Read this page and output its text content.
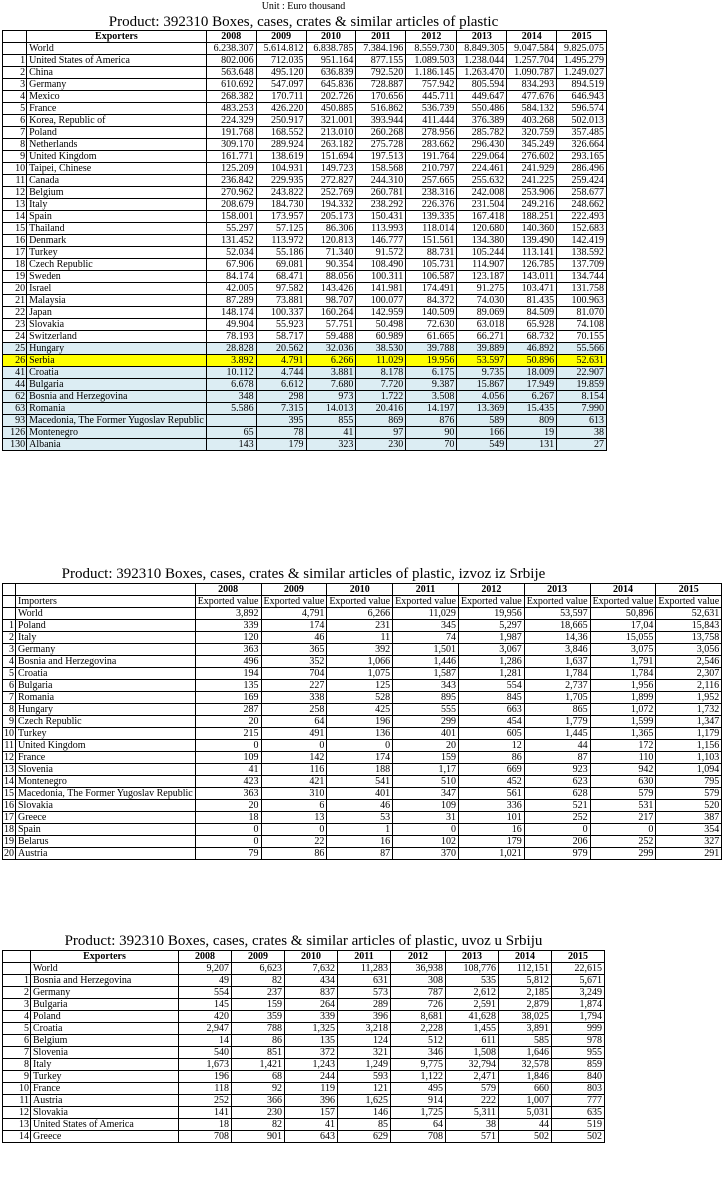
Unit : Euro thousand
Product: 392310 Boxes, cases, crates & similar articles of plastic
	Exporters	2008	2009	2010	2011	2012	2013	2014	2015
	World	6.238.307	5.614.812	6.838.785	7.384.196	8.559.730	8.849.305	9.047.584	9.825.075
1	United States of America	802.006	712.035	951.164	877.155	1.089.503	1.238.044	1.257.704	1.495.279
2	China	563.648	495.120	636.839	792.520	1.186.145	1.263.470	1.090.787	1.249.027
3	Germany	610.692	547.097	645.836	728.887	757.942	805.594	834.293	894.519
4	Mexico	268.382	170.711	202.726	170.656	445.711	449.647	477.676	646.943
5	France	483.253	426.220	450.885	516.862	536.739	550.486	584.132	596.574
6	Korea, Republic of	224.329	250.917	321.001	393.944	411.444	376.389	403.268	502.013
7	Poland	191.768	168.552	213.010	260.268	278.956	285.782	320.759	357.485
8	Netherlands	309.170	289.924	263.182	275.728	283.662	296.430	345.249	326.664
9	United Kingdom	161.771	138.619	151.694	197.513	191.764	229.064	276.602	293.165
10	Taipei, Chinese	125.209	104.931	149.723	158.568	210.797	224.461	241.929	286.496
11	Canada	236.842	229.935	272.827	244.310	257.665	255.632	241.225	259.424
12	Belgium	270.962	243.822	252.769	260.781	238.316	242.008	253.906	258.677
13	Italy	208.679	184.730	194.332	238.292	226.376	231.504	249.216	248.662
14	Spain	158.001	173.957	205.173	150.431	139.335	167.418	188.251	222.493
15	Thailand	55.297	57.125	86.306	113.993	118.014	120.680	140.360	152.683
16	Denmark	131.452	113.972	120.813	146.777	151.561	134.380	139.490	142.419
17	Turkey	52.034	55.186	71.340	91.572	88.731	105.244	113.141	138.592
18	Czech Republic	67.906	69.081	90.354	108.490	105.731	114.907	126.785	137.709
19	Sweden	84.174	68.471	88.056	100.311	106.587	123.187	143.011	134.744
20	Israel	42.005	97.582	143.426	141.981	174.491	91.275	103.471	131.758
21	Malaysia	87.289	73.881	98.707	100.077	84.372	74.030	81.435	100.963
22	Japan	148.174	100.337	160.264	142.959	140.509	89.069	84.509	81.070
23	Slovakia	49.904	55.923	57.751	50.498	72.630	63.018	65.928	74.108
24	Switzerland	78.193	58.717	59.488	60.989	61.665	66.271	68.732	70.155
25	Hungary	28.828	20.562	32.036	38.530	39.788	39.889	46.892	55.566
26	Serbia	3.892	4.791	6.266	11.029	19.956	53.597	50.896	52.631
41	Croatia	10.112	4.744	3.881	8.178	6.175	9.735	18.009	22.907
44	Bulgaria	6.678	6.612	7.680	7.720	9.387	15.867	17.949	19.859
62	Bosnia and Herzegovina	348	298	973	1.722	3.508	4.056	6.267	8.154
63	Romania	5.586	7.315	14.013	20.416	14.197	13.369	15.435	7.990
93	Macedonia, The Former Yugoslav Republic		395	855	869	876	589	809	613
126	Montenegro	65	78	41	97	90	166	19	38
130	Albania	143	179	323	230	70	549	131	27
Product: 392310 Boxes, cases, crates & similar articles of plastic, izvoz iz Srbije
		2008	2009	2010	2011	2012	2013	2014	2015
	Importers	Exported value	Exported value	Exported value	Exported value	Exported value	Exported value	Exported value	Exported value
	World	3,892	4,791	6,266	11,029	19,956	53,597	50,896	52,631
1	Poland	339	174	231	345	5,297	18,665	17,04	15,843
2	Italy	120	46	11	74	1,987	14,36	15,055	13,758
3	Germany	363	365	392	1,501	3,067	3,846	3,075	3,056
4	Bosnia and Herzegovina	496	352	1,066	1,446	1,286	1,637	1,791	2,546
5	Croatia	194	704	1,075	1,587	1,281	1,784	1,784	2,307
6	Bulgaria	135	227	125	343	554	2,737	1,956	2,116
7	Romania	169	338	528	895	845	1,705	1,899	1,952
8	Hungary	287	258	425	555	663	865	1,072	1,732
9	Czech Republic	20	64	196	299	454	1,779	1,599	1,347
10	Turkey	215	491	136	401	605	1,445	1,365	1,179
11	United Kingdom	0	0	0	20	12	44	172	1,156
12	France	109	142	174	159	86	87	110	1,103
13	Slovenia	41	116	188	1,17	669	923	942	1,094
14	Montenegro	423	421	541	510	452	623	630	795
15	Macedonia, The Former Yugoslav Republic	363	310	401	347	561	628	579	579
16	Slovakia	20	6	46	109	336	521	531	520
17	Greece	18	13	53	31	101	252	217	387
18	Spain	0	0	1	0	16	0	0	354
19	Belarus	0	22	16	102	179	206	252	327
20	Austria	79	86	87	370	1,021	979	299	291
Product: 392310 Boxes, cases, crates & similar articles of plastic, uvoz u Srbiju
	Exporters	2008	2009	2010	2011	2012	2013	2014	2015
	World	9,207	6,623	7,632	11,283	36,938	108,776	112,151	22,615
1	Bosnia and Herzegovina	49	82	434	631	308	535	5,812	5,671
2	Germany	554	237	837	573	787	2,612	2,185	3,249
3	Bulgaria	145	159	264	289	726	2,591	2,879	1,874
4	Poland	420	359	339	396	8,681	41,628	38,025	1,794
5	Croatia	2,947	788	1,325	3,218	2,228	1,455	3,891	999
6	Belgium	14	86	135	124	512	611	585	978
7	Slovenia	540	851	372	321	346	1,508	1,646	955
8	Italy	1,673	1,421	1,243	1,249	9,775	32,794	32,578	859
9	Turkey	196	68	244	593	1,122	2,471	1,846	840
10	France	118	92	119	121	495	579	660	803
11	Austria	252	366	396	1,625	914	222	1,007	777
12	Slovakia	141	230	157	146	1,725	5,311	5,031	635
13	United States of America	18	82	41	85	64	38	44	519
14	Greece	708	901	643	629	708	571	502	502
